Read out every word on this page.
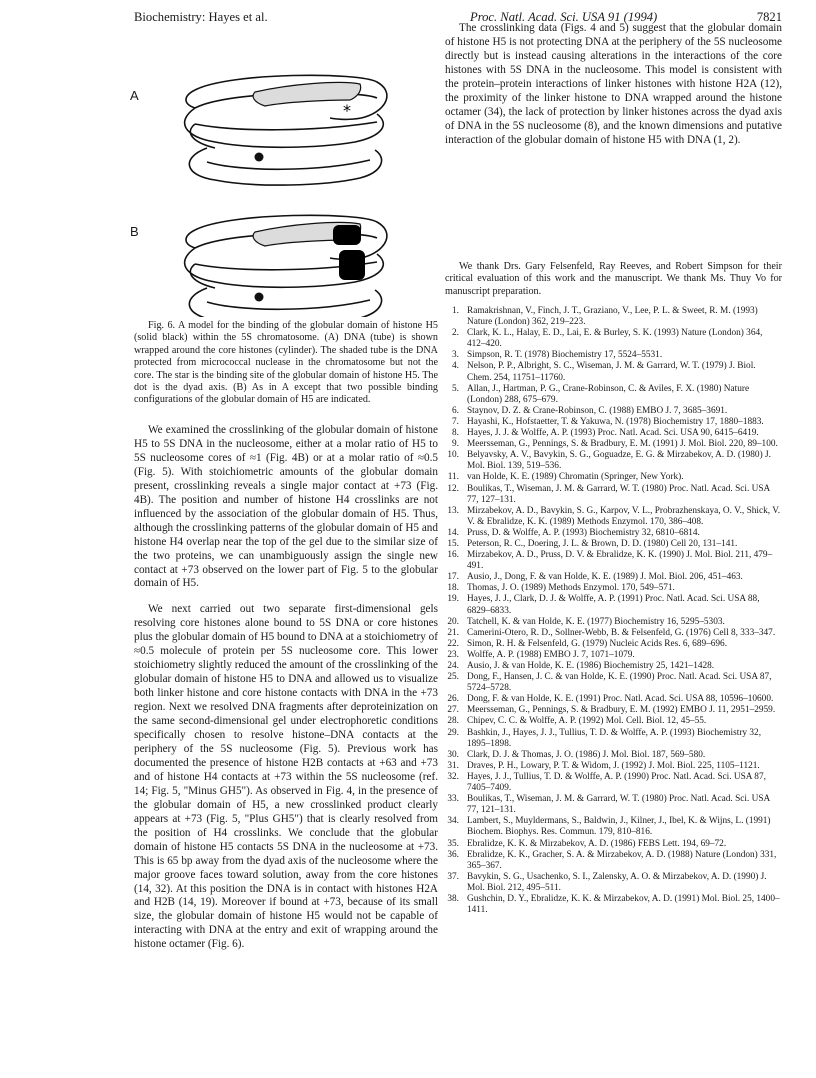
Biochemistry: Hayes et al.	Proc. Natl. Acad. Sci. USA 91 (1994)	7821
A
B
*
Fig. 6. A model for the binding of the globular domain of histone H5 (solid black) within the 5S chromatosome. (A) DNA (tube) is shown wrapped around the core histones (cylinder). The shaded tube is the DNA protected from micrococcal nuclease in the chromatosome but not the core. The star is the binding site of the globular domain of histone H5. The dot is the dyad axis. (B) As in A except that two possible binding configurations of the globular domain of H5 are indicated.

We examined the crosslinking of the globular domain of histone H5 to 5S DNA in the nucleosome, either at a molar ratio of H5 to 5S nucleosome cores of ≈1 (Fig. 4B) or at a molar ratio of ≈0.5 (Fig. 5). With stoichiometric amounts of the globular domain present, crosslinking reveals a single major contact at +73 (Fig. 4B). The position and number of histone H4 crosslinks are not influenced by the association of the globular domain of H5. Thus, although the crosslinking patterns of the globular domain of H5 and histone H4 overlap near the top of the gel due to the similar size of the two proteins, we can unambiguously assign the single new contact at +73 observed on the lower part of Fig. 5 to the globular domain of H5.

We next carried out two separate first-dimensional gels resolving core histones alone bound to 5S DNA or core histones plus the globular domain of H5 bound to DNA at a stoichiometry of ≈0.5 molecule of protein per 5S nucleosome core. This lower stoichiometry slightly reduced the amount of the crosslinking of the globular domain of histone H5 to DNA and allowed us to visualize both linker histone and core histone contacts with DNA in the +73 region. Next we resolved DNA fragments after deproteinization on the same second-dimensional gel under electrophoretic conditions specifically chosen to resolve histone–DNA contacts at the periphery of the 5S nucleosome (Fig. 5). Previous work has documented the presence of histone H2B contacts at +63 and +73 and of histone H4 contacts at +73 within the 5S nucleosome (ref. 14; Fig. 5, "Minus GH5"). As observed in Fig. 4, in the presence of the globular domain of H5, a new crosslinked product clearly appears at +73 (Fig. 5, "Plus GH5") that is clearly resolved from the position of H4 crosslinks. We conclude that the globular domain of histone H5 contacts 5S DNA in the nucleosome at +73. This is 65 bp away from the dyad axis of the nucleosome where the major groove faces toward solution, away from the core histones (14, 32). At this position the DNA is in contact with histones H2A and H2B (14, 19). Moreover if bound at +73, because of its small size, the globular domain of histone H5 would not be capable of interacting with DNA at the entry and exit of wrapping around the histone octamer (Fig. 6).

The crosslinking data (Figs. 4 and 5) suggest that the globular domain of histone H5 is not protecting DNA at the periphery of the 5S nucleosome directly but is instead causing alterations in the interactions of the core histones with 5S DNA in the nucleosome. This model is consistent with the protein–protein interactions of linker histones with histone H2A (12), the proximity of the linker histone to DNA wrapped around the histone octamer (34), the lack of protection by linker histones across the dyad axis of DNA in the 5S nucleosome (8), and the known dimensions and putative interaction of the globular domain of histone H5 with DNA (1, 2).

We thank Drs. Gary Felsenfeld, Ray Reeves, and Robert Simpson for their critical evaluation of this work and the manuscript. We thank Ms. Thuy Vo for manuscript preparation.
1. Ramakrishnan, V., Finch, J. T., Graziano, V., Lee, P. L. & Sweet, R. M. (1993) Nature (London) 362, 219–223.
2. Clark, K. L., Halay, E. D., Lai, E. & Burley, S. K. (1993) Nature (London) 364, 412–420.
3. Simpson, R. T. (1978) Biochemistry 17, 5524–5531.
4. Nelson, P. P., Albright, S. C., Wiseman, J. M. & Garrard, W. T. (1979) J. Biol. Chem. 254, 11751–11760.
5. Allan, J., Hartman, P. G., Crane-Robinson, C. & Aviles, F. X. (1980) Nature (London) 288, 675–679.
6. Staynov, D. Z. & Crane-Robinson, C. (1988) EMBO J. 7, 3685–3691.
7. Hayashi, K., Hofstaetter, T. & Yakuwa, N. (1978) Biochemistry 17, 1880–1883.
8. Hayes, J. J. & Wolffe, A. P. (1993) Proc. Natl. Acad. Sci. USA 90, 6415–6419.
9. Meersseman, G., Pennings, S. & Bradbury, E. M. (1991) J. Mol. Biol. 220, 89–100.
10. Belyavsky, A. V., Bavykin, S. G., Goguadze, E. G. & Mirzabekov, A. D. (1980) J. Mol. Biol. 139, 519–536.
11. van Holde, K. E. (1989) Chromatin (Springer, New York).
12. Boulikas, T., Wiseman, J. M. & Garrard, W. T. (1980) Proc. Natl. Acad. Sci. USA 77, 127–131.
13. Mirzabekov, A. D., Bavykin, S. G., Karpov, V. L., Probrazhenskaya, O. V., Shick, V. V. & Ebralidze, K. K. (1989) Methods Enzymol. 170, 386–408.
14. Pruss, D. & Wolffe, A. P. (1993) Biochemistry 32, 6810–6814.
15. Peterson, R. C., Doering, J. L. & Brown, D. D. (1980) Cell 20, 131–141.
16. Mirzabekov, A. D., Pruss, D. V. & Ebralidze, K. K. (1990) J. Mol. Biol. 211, 479–491.
17. Ausio, J., Dong, F. & van Holde, K. E. (1989) J. Mol. Biol. 206, 451–463.
18. Thomas, J. O. (1989) Methods Enzymol. 170, 549–571.
19. Hayes, J. J., Clark, D. J. & Wolffe, A. P. (1991) Proc. Natl. Acad. Sci. USA 88, 6829–6833.
20. Tatchell, K. & van Holde, K. E. (1977) Biochemistry 16, 5295–5303.
21. Camerini-Otero, R. D., Sollner-Webb, B. & Felsenfeld, G. (1976) Cell 8, 333–347.
22. Simon, R. H. & Felsenfeld, G. (1979) Nucleic Acids Res. 6, 689–696.
23. Wolffe, A. P. (1988) EMBO J. 7, 1071–1079.
24. Ausio, J. & van Holde, K. E. (1986) Biochemistry 25, 1421–1428.
25. Dong, F., Hansen, J. C. & van Holde, K. E. (1990) Proc. Natl. Acad. Sci. USA 87, 5724–5728.
26. Dong, F. & van Holde, K. E. (1991) Proc. Natl. Acad. Sci. USA 88, 10596–10600.
27. Meersseman, G., Pennings, S. & Bradbury, E. M. (1992) EMBO J. 11, 2951–2959.
28. Chipev, C. C. & Wolffe, A. P. (1992) Mol. Cell. Biol. 12, 45–55.
29. Bashkin, J., Hayes, J. J., Tullius, T. D. & Wolffe, A. P. (1993) Biochemistry 32, 1895–1898.
30. Clark, D. J. & Thomas, J. O. (1986) J. Mol. Biol. 187, 569–580.
31. Draves, P. H., Lowary, P. T. & Widom, J. (1992) J. Mol. Biol. 225, 1105–1121.
32. Hayes, J. J., Tullius, T. D. & Wolffe, A. P. (1990) Proc. Natl. Acad. Sci. USA 87, 7405–7409.
33. Boulikas, T., Wiseman, J. M. & Garrard, W. T. (1980) Proc. Natl. Acad. Sci. USA 77, 121–131.
34. Lambert, S., Muyldermans, S., Baldwin, J., Kilner, J., Ibel, K. & Wijns, L. (1991) Biochem. Biophys. Res. Commun. 179, 810–816.
35. Ebralidze, K. K. & Mirzabekov, A. D. (1986) FEBS Lett. 194, 69–72.
36. Ebralidze, K. K., Gracher, S. A. & Mirzabekov, A. D. (1988) Nature (London) 331, 365–367.
37. Bavykin, S. G., Usachenko, S. I., Zalensky, A. O. & Mirzabekov, A. D. (1990) J. Mol. Biol. 212, 495–511.
38. Gushchin, D. Y., Ebralidze, K. K. & Mirzabekov, A. D. (1991) Mol. Biol. 25, 1400–1411.
